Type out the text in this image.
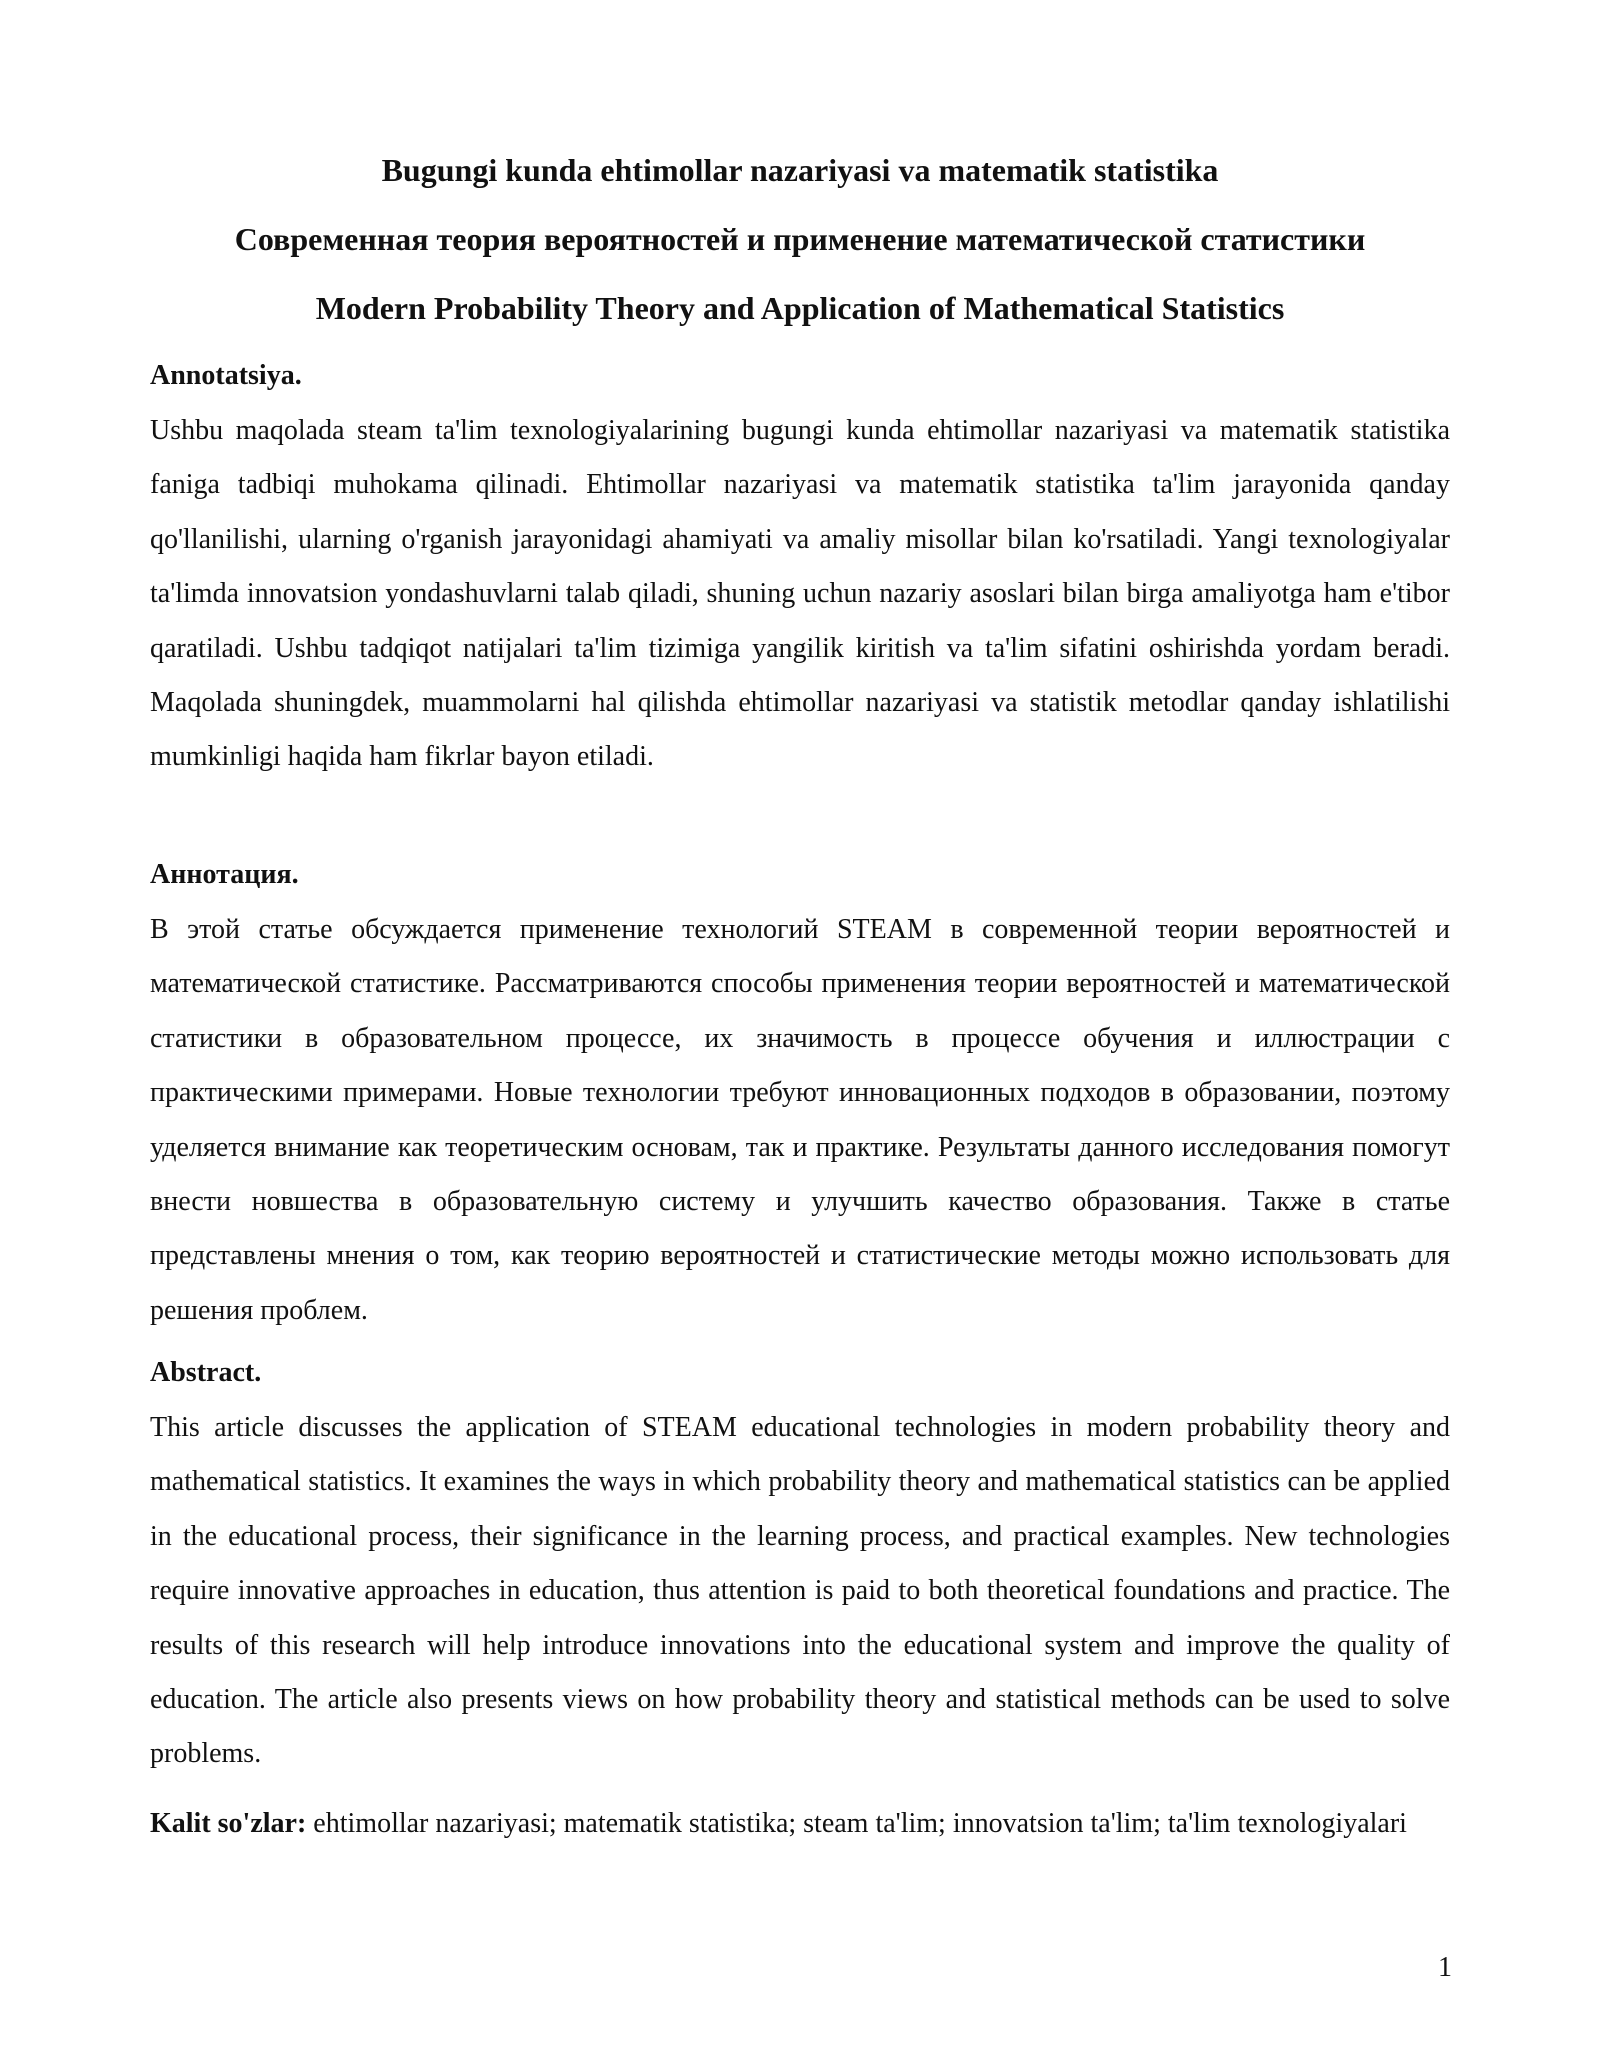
Bugungi kunda ehtimollar nazariyasi va matematik statistika

Современная теория вероятностей и применение математической статистики

Modern Probability Theory and Application of Mathematical Statistics

Annotatsiya.

Ushbu maqolada steam ta'lim texnologiyalarining bugungi kunda ehtimollar nazariyasi va matematik statistika faniga tadbiqi muhokama qilinadi. Ehtimollar nazariyasi va matematik statistika ta'lim jarayonida qanday qo'llanilishi, ularning o'rganish jarayonidagi ahamiyati va amaliy misollar bilan ko'rsatiladi. Yangi texnologiyalar ta'limda innovatsion yondashuvlarni talab qiladi, shuning uchun nazariy asoslari bilan birga amaliyotga ham e'tibor qaratiladi. Ushbu tadqiqot natijalari ta'lim tizimiga yangilik kiritish va ta'lim sifatini oshirishda yordam beradi. Maqolada shuningdek, muammolarni hal qilishda ehtimollar nazariyasi va statistik metodlar qanday ishlatilishi mumkinligi haqida ham fikrlar bayon etiladi.

Аннотация.

В этой статье обсуждается применение технологий STEAM в современной теории вероятностей и математической статистике. Рассматриваются способы применения теории вероятностей и математической статистики в образовательном процессе, их значимость в процессе обучения и иллюстрации с практическими примерами. Новые технологии требуют инновационных подходов в образовании, поэтому уделяется внимание как теоретическим основам, так и практике. Результаты данного исследования помогут внести новшества в образовательную систему и улучшить качество образования. Также в статье представлены мнения о том, как теорию вероятностей и статистические методы можно использовать для решения проблем.

Abstract.

This article discusses the application of STEAM educational technologies in modern probability theory and mathematical statistics. It examines the ways in which probability theory and mathematical statistics can be applied in the educational process, their significance in the learning process, and practical examples. New technologies require innovative approaches in education, thus attention is paid to both theoretical foundations and practice. The results of this research will help introduce innovations into the educational system and improve the quality of education. The article also presents views on how probability theory and statistical methods can be used to solve problems.

Kalit so'zlar: ehtimollar nazariyasi; matematik statistika; steam ta'lim; innovatsion ta'lim; ta'lim texnologiyalari

1
